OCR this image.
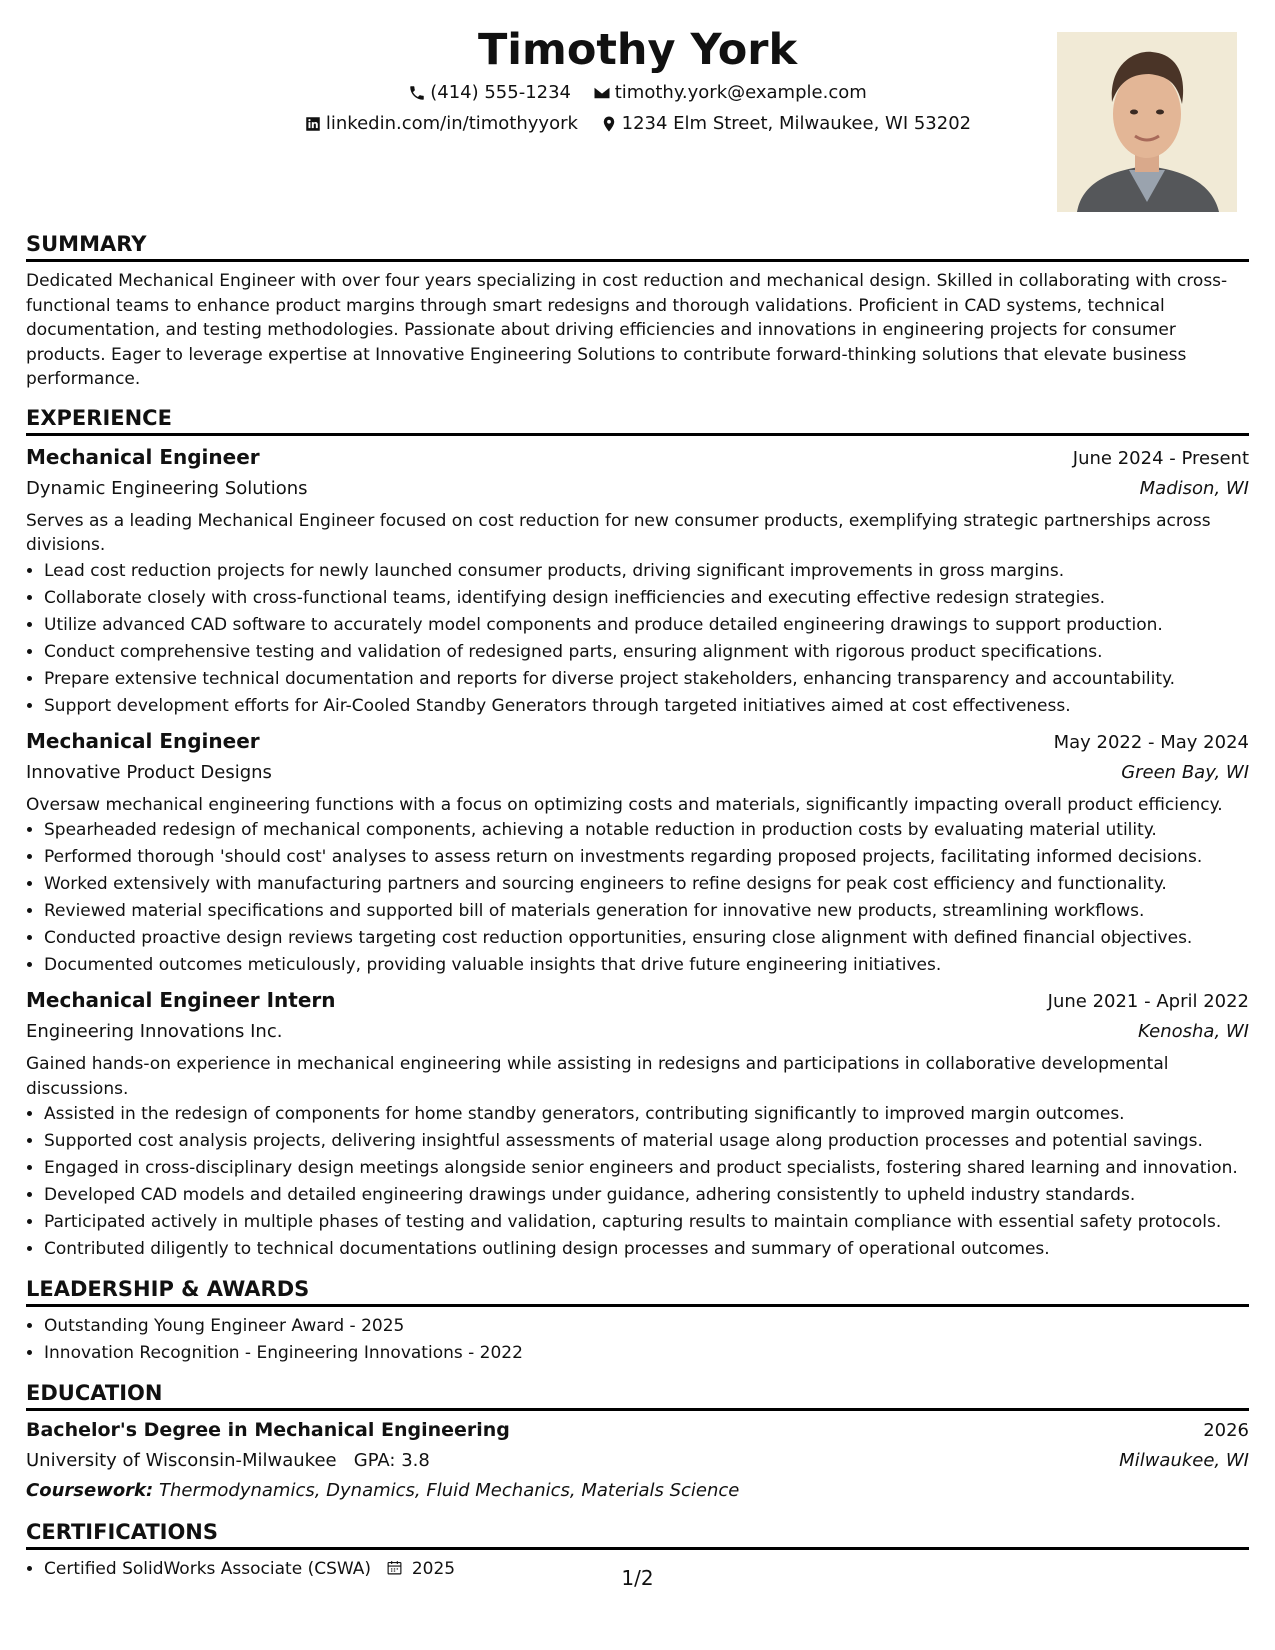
Timothy York
(414) 555-1234
timothy.york@example.com
linkedin.com/in/timothyyork
1234 Elm Street, Milwaukee, WI 53202
SUMMARY
Dedicated Mechanical Engineer with over four years specializing in cost reduction and mechanical design. Skilled in collaborating with cross-functional teams to enhance product margins through smart redesigns and thorough validations. Proficient in CAD systems, technical documentation, and testing methodologies. Passionate about driving efficiencies and innovations in engineering projects for consumer products. Eager to leverage expertise at Innovative Engineering Solutions to contribute forward-thinking solutions that elevate business performance.
EXPERIENCE
Mechanical Engineer	June 2024 - Present
Dynamic Engineering Solutions	Madison, WI
Serves as a leading Mechanical Engineer focused on cost reduction for new consumer products, exemplifying strategic partnerships across divisions.
• Lead cost reduction projects for newly launched consumer products, driving significant improvements in gross margins.
• Collaborate closely with cross-functional teams, identifying design inefficiencies and executing effective redesign strategies.
• Utilize advanced CAD software to accurately model components and produce detailed engineering drawings to support production.
• Conduct comprehensive testing and validation of redesigned parts, ensuring alignment with rigorous product specifications.
• Prepare extensive technical documentation and reports for diverse project stakeholders, enhancing transparency and accountability.
• Support development efforts for Air-Cooled Standby Generators through targeted initiatives aimed at cost effectiveness.
Mechanical Engineer	May 2022 - May 2024
Innovative Product Designs	Green Bay, WI
Oversaw mechanical engineering functions with a focus on optimizing costs and materials, significantly impacting overall product efficiency.
• Spearheaded redesign of mechanical components, achieving a notable reduction in production costs by evaluating material utility.
• Performed thorough 'should cost' analyses to assess return on investments regarding proposed projects, facilitating informed decisions.
• Worked extensively with manufacturing partners and sourcing engineers to refine designs for peak cost efficiency and functionality.
• Reviewed material specifications and supported bill of materials generation for innovative new products, streamlining workflows.
• Conducted proactive design reviews targeting cost reduction opportunities, ensuring close alignment with defined financial objectives.
• Documented outcomes meticulously, providing valuable insights that drive future engineering initiatives.
Mechanical Engineer Intern	June 2021 - April 2022
Engineering Innovations Inc.	Kenosha, WI
Gained hands-on experience in mechanical engineering while assisting in redesigns and participations in collaborative developmental discussions.
• Assisted in the redesign of components for home standby generators, contributing significantly to improved margin outcomes.
• Supported cost analysis projects, delivering insightful assessments of material usage along production processes and potential savings.
• Engaged in cross-disciplinary design meetings alongside senior engineers and product specialists, fostering shared learning and innovation.
• Developed CAD models and detailed engineering drawings under guidance, adhering consistently to upheld industry standards.
• Participated actively in multiple phases of testing and validation, capturing results to maintain compliance with essential safety protocols.
• Contributed diligently to technical documentations outlining design processes and summary of operational outcomes.
LEADERSHIP & AWARDS
• Outstanding Young Engineer Award - 2025
• Innovation Recognition - Engineering Innovations - 2022
EDUCATION
Bachelor's Degree in Mechanical Engineering	2026
University of Wisconsin-Milwaukee GPA: 3.8	Milwaukee, WI
Coursework: Thermodynamics, Dynamics, Fluid Mechanics, Materials Science
CERTIFICATIONS
• Certified SolidWorks Associate (CSWA) 2025	1/2
